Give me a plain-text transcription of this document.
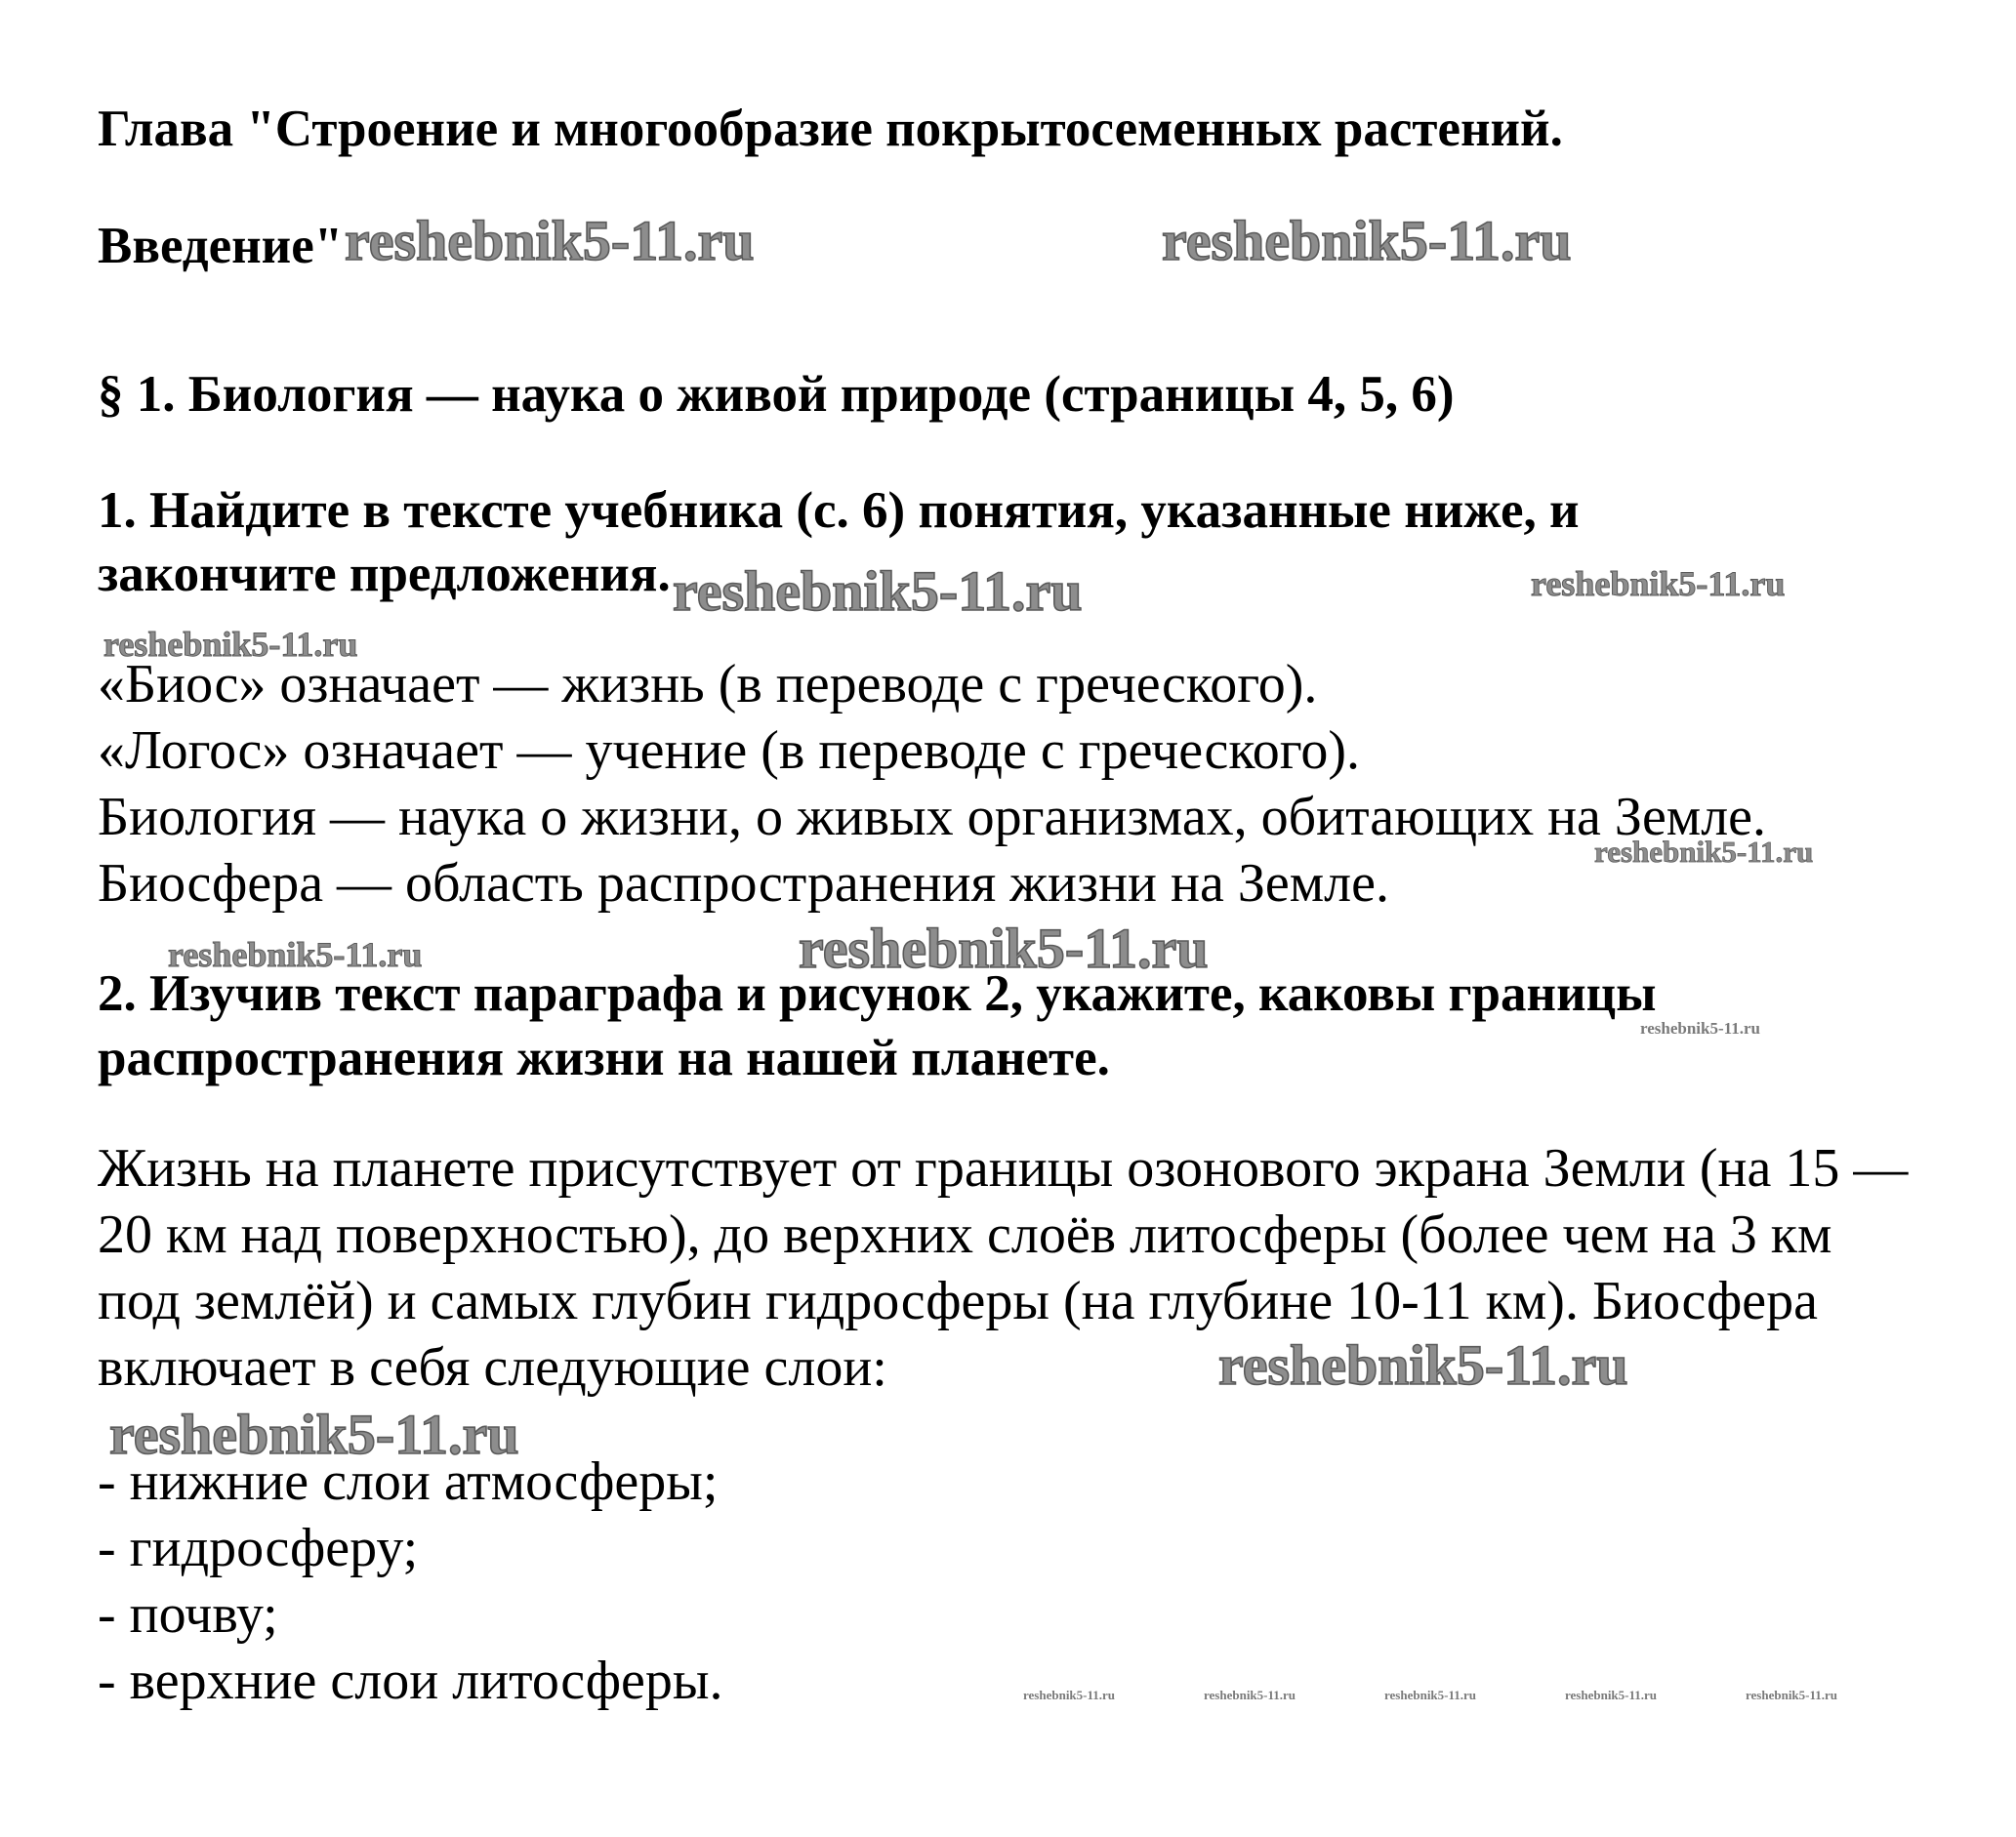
Глава "Строение и многообразие покрытосеменных растений.
Введение"
§ 1. Биология — наука о живой природе (страницы 4, 5, 6)
1. Найдите в тексте учебника (с. 6) понятия, указанные ниже, и
закончите предложения.
«Биос» означает — жизнь (в переводе с греческого).
«Логос» означает — учение (в переводе с греческого).
Биология — наука о жизни, о живых организмах, обитающих на Земле.
Биосфера — область распространения жизни на Земле.
2. Изучив текст параграфа и рисунок 2, укажите, каковы границы
распространения жизни на нашей планете.
Жизнь на планете присутствует от границы озонового экрана Земли (на 15 —
20 км над поверхностью), до верхних слоёв литосферы (более чем на 3 км
под землёй) и самых глубин гидросферы (на глубине 10-11 км). Биосфера
включает в себя следующие слои:
- нижние слои атмосферы;
- гидросферу;
- почву;
- верхние слои литосферы.
reshebnik5-11.ru	reshebnik5-11.ru
reshebnik5-11.ru	reshebnik5-11.ru
reshebnik5-11.ru
reshebnik5-11.ru
reshebnik5-11.ru	reshebnik5-11.ru
reshebnik5-11.ru
reshebnik5-11.ru
reshebnik5-11.ru
reshebnik5-11.ru	reshebnik5-11.ru	reshebnik5-11.ru	reshebnik5-11.ru	reshebnik5-11.ru
